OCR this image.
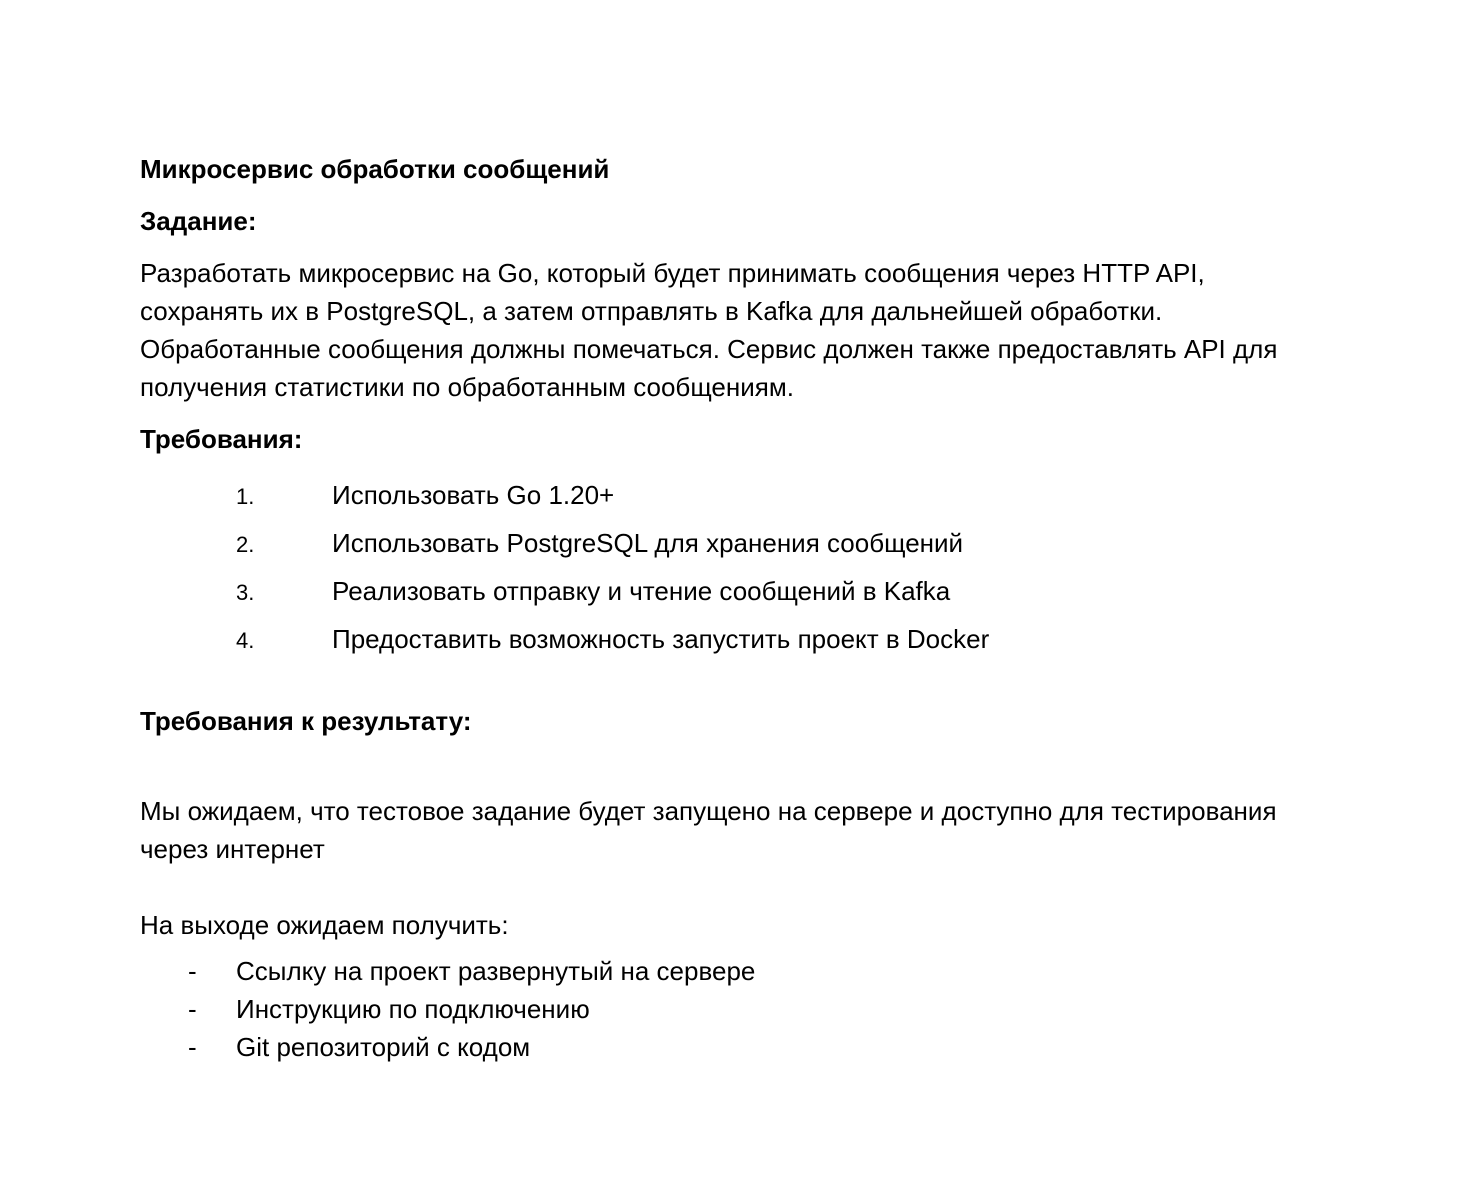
Микросервис обработки сообщений
Задание:

Разработать микросервис на Go, который будет принимать сообщения через HTTP API, сохранять их в PostgreSQL, а затем отправлять в Kafka для дальнейшей обработки. Обработанные сообщения должны помечаться. Сервис должен также предоставлять API для получения статистики по обработанным сообщениям.

Требования:
1.	Использовать Go 1.20+
2.	Использовать PostgreSQL для хранения сообщений
3.	Реализовать отправку и чтение сообщений в Kafka
4.	Предоставить возможность запустить проект в Docker
Требования к результату:

Мы ожидаем, что тестовое задание будет запущено на сервере и доступно для тестирования через интернет

На выходе ожидаем получить:

-	Ссылку на проект развернутый на сервере
-	Инструкцию по подключению
-	Git репозиторий с кодом
